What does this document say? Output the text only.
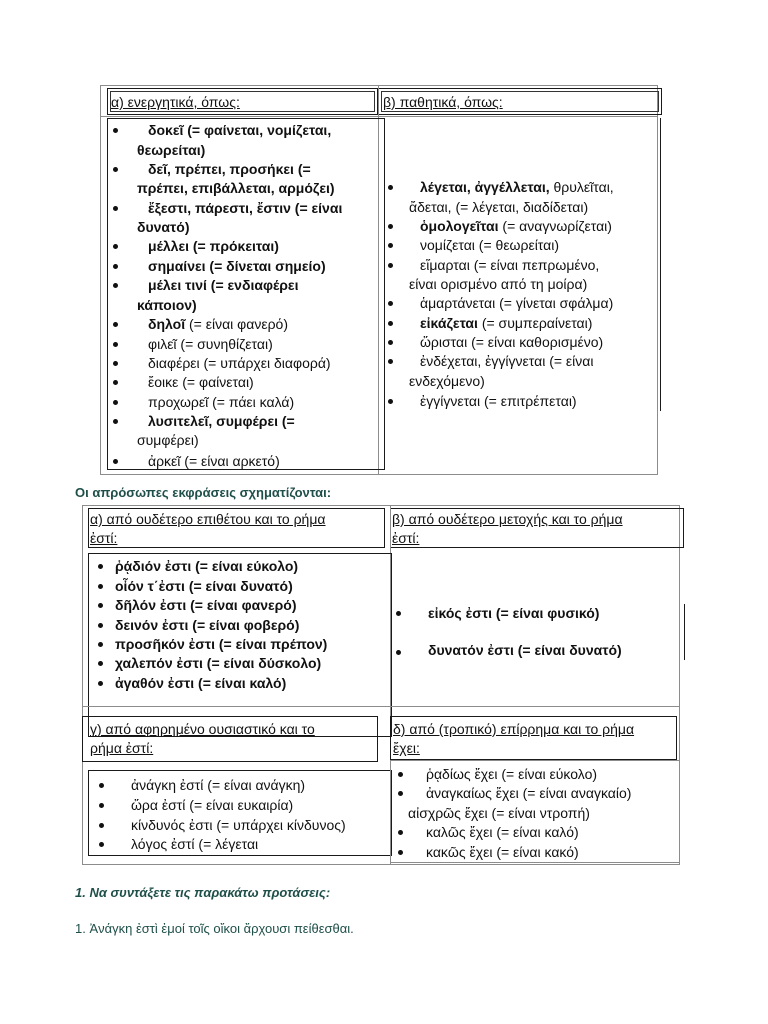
α) ενεργητικά, όπως:	β) παθητικά, όπως:
δοκεῖ (= φαίνεται, νομίζεται,
θεωρείται)
δεῖ, πρέπει, προσήκει (=
πρέπει, επιβάλλεται, αρμόζει)
ἔξεστι, πάρεστι, ἔστιν (= είναι
δυνατό)
μέλλει (= πρόκειται)
σημαίνει (= δίνεται σημείο)
μέλει τινί (= ενδιαφέρει
κάποιον)
δηλοῖ (= είναι φανερό)
φιλεῖ (= συνηθίζεται)
διαφέρει (= υπάρχει διαφορά)
ἔοικε (= φαίνεται)
προχωρεῖ (= πάει καλά)
λυσιτελεῖ, συμφέρει (=
συμφέρει)
ἀρκεῖ (= είναι αρκετό)
λέγεται, ἀγγέλλεται, θρυλεῖται,
ἄδεται, (= λέγεται, διαδίδεται)
ὁμολογεῖται (= αναγνωρίζεται)
νομίζεται (= θεωρείται)
εἵμαρται (= είναι πεπρωμένο,
είναι ορισμένο από τη μοίρα)
ἁμαρτάνεται (= γίνεται σφάλμα)
εἰκάζεται (= συμπεραίνεται)
ὥρισται (= είναι καθορισμένο)
ἐνδέχεται, ἐγγίγνεται (= είναι
ενδεχόμενο)
ἐγγίγνεται (= επιτρέπεται)
Οι απρόσωπες εκφράσεις σχηματίζονται:
α) από ουδέτερο επιθέτου και το ρήμα
ἐστί:
β) από ουδέτερο μετοχής και το ρήμα
ἐστί:
ῥᾴδιόν ἐστι (= είναι εύκολο)
οἷόν τ΄ἐστι (= είναι δυνατό)
δῆλόν ἐστι (= είναι φανερό)
δεινόν ἐστι (= είναι φοβερό)
προσῆκόν ἐστι (= είναι πρέπον)
χαλεπόν ἐστι (= είναι δύσκολο)
ἀγαθόν ἐστι (= είναι καλό)
εἰκός ἐστι (= είναι φυσικό)
δυνατόν ἐστι (= είναι δυνατό)
γ) από αφηρημένο ουσιαστικό και το
ρήμα ἐστί:
δ) από (τροπικό) επίρρημα και το ρήμα
ἔχει:
ἀνάγκη ἐστί (= είναι ανάγκη)
ὥρα ἐστί (= είναι ευκαιρία)
κίνδυνός ἐστι (= υπάρχει κίνδυνος)
λόγος ἐστί (= λέγεται
ῥᾳδίως ἔχει (= είναι εύκολο)
ἀναγκαίως ἔχει (= είναι αναγκαίο)
αἰσχρῶς ἔχει (= είναι ντροπή)
καλῶς ἔχει (= είναι καλό)
κακῶς ἔχει (= είναι κακό)
1. Να συντάξετε τις παρακάτω προτάσεις:
1. Ἀνάγκη ἐστὶ ἐμοί τοῖς οἴκοι ἄρχουσι πείθεσθαι.
